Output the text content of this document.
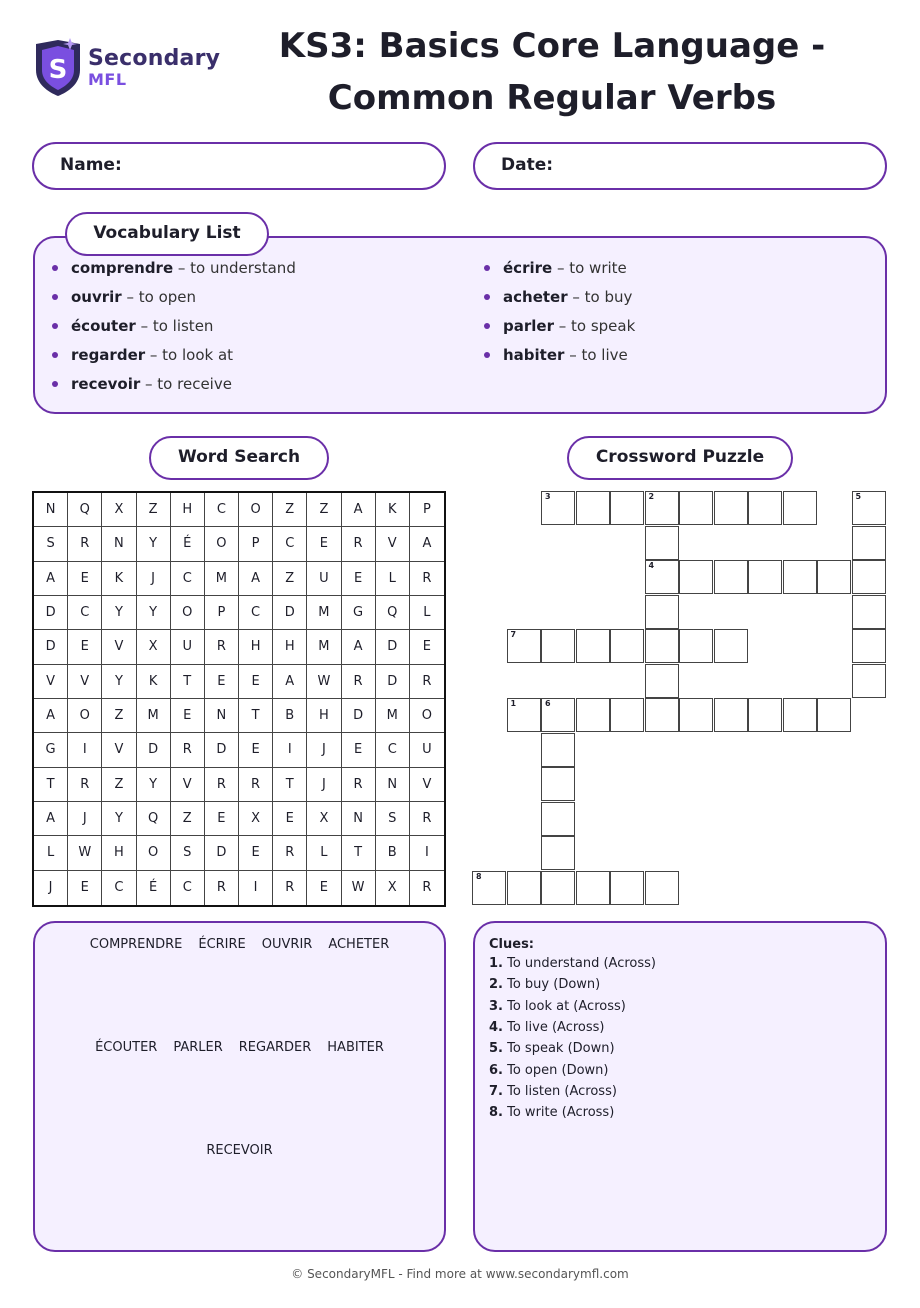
S Secondary
MFL
KS3: Basics Core Language -
Common Regular Verbs
Name:	Date:
Vocabulary List
comprendre – to understand
ouvrir – to open
écouter – to listen
regarder – to look at
recevoir – to receive
écrire – to write
acheter – to buy
parler – to speak
habiter – to live
Word Search	Crossword Puzzle
N	Q	X	Z	H	C	O	Z	Z	A	K	P
S	R	N	Y	É	O	P	C	E	R	V	A
A	E	K	J	C	M	A	Z	U	E	L	R
D	C	Y	Y	O	P	C	D	M	G	Q	L
D	E	V	X	U	R	H	H	M	A	D	E
V	V	Y	K	T	E	E	A	W	R	D	R
A	O	Z	M	E	N	T	B	H	D	M	O
G	I	V	D	R	D	E	I	J	E	C	U
T	R	Z	Y	V	R	R	T	J	R	N	V
A	J	Y	Q	Z	E	X	E	X	N	S	R
L	W	H	O	S	D	E	R	L	T	B	I
J	E	C	É	C	R	I	R	E	W	X	R
1	6
2
4
3	5
7
8
COMPRENDRE ÉCRIRE OUVRIR ACHETER
ÉCOUTER PARLER REGARDER HABITER
RECEVOIR
Clues:
1. To understand (Across)
2. To buy (Down)
3. To look at (Across)
4. To live (Across)
5. To speak (Down)
6. To open (Down)
7. To listen (Across)
8. To write (Across)
© SecondaryMFL - Find more at www.secondarymfl.com
